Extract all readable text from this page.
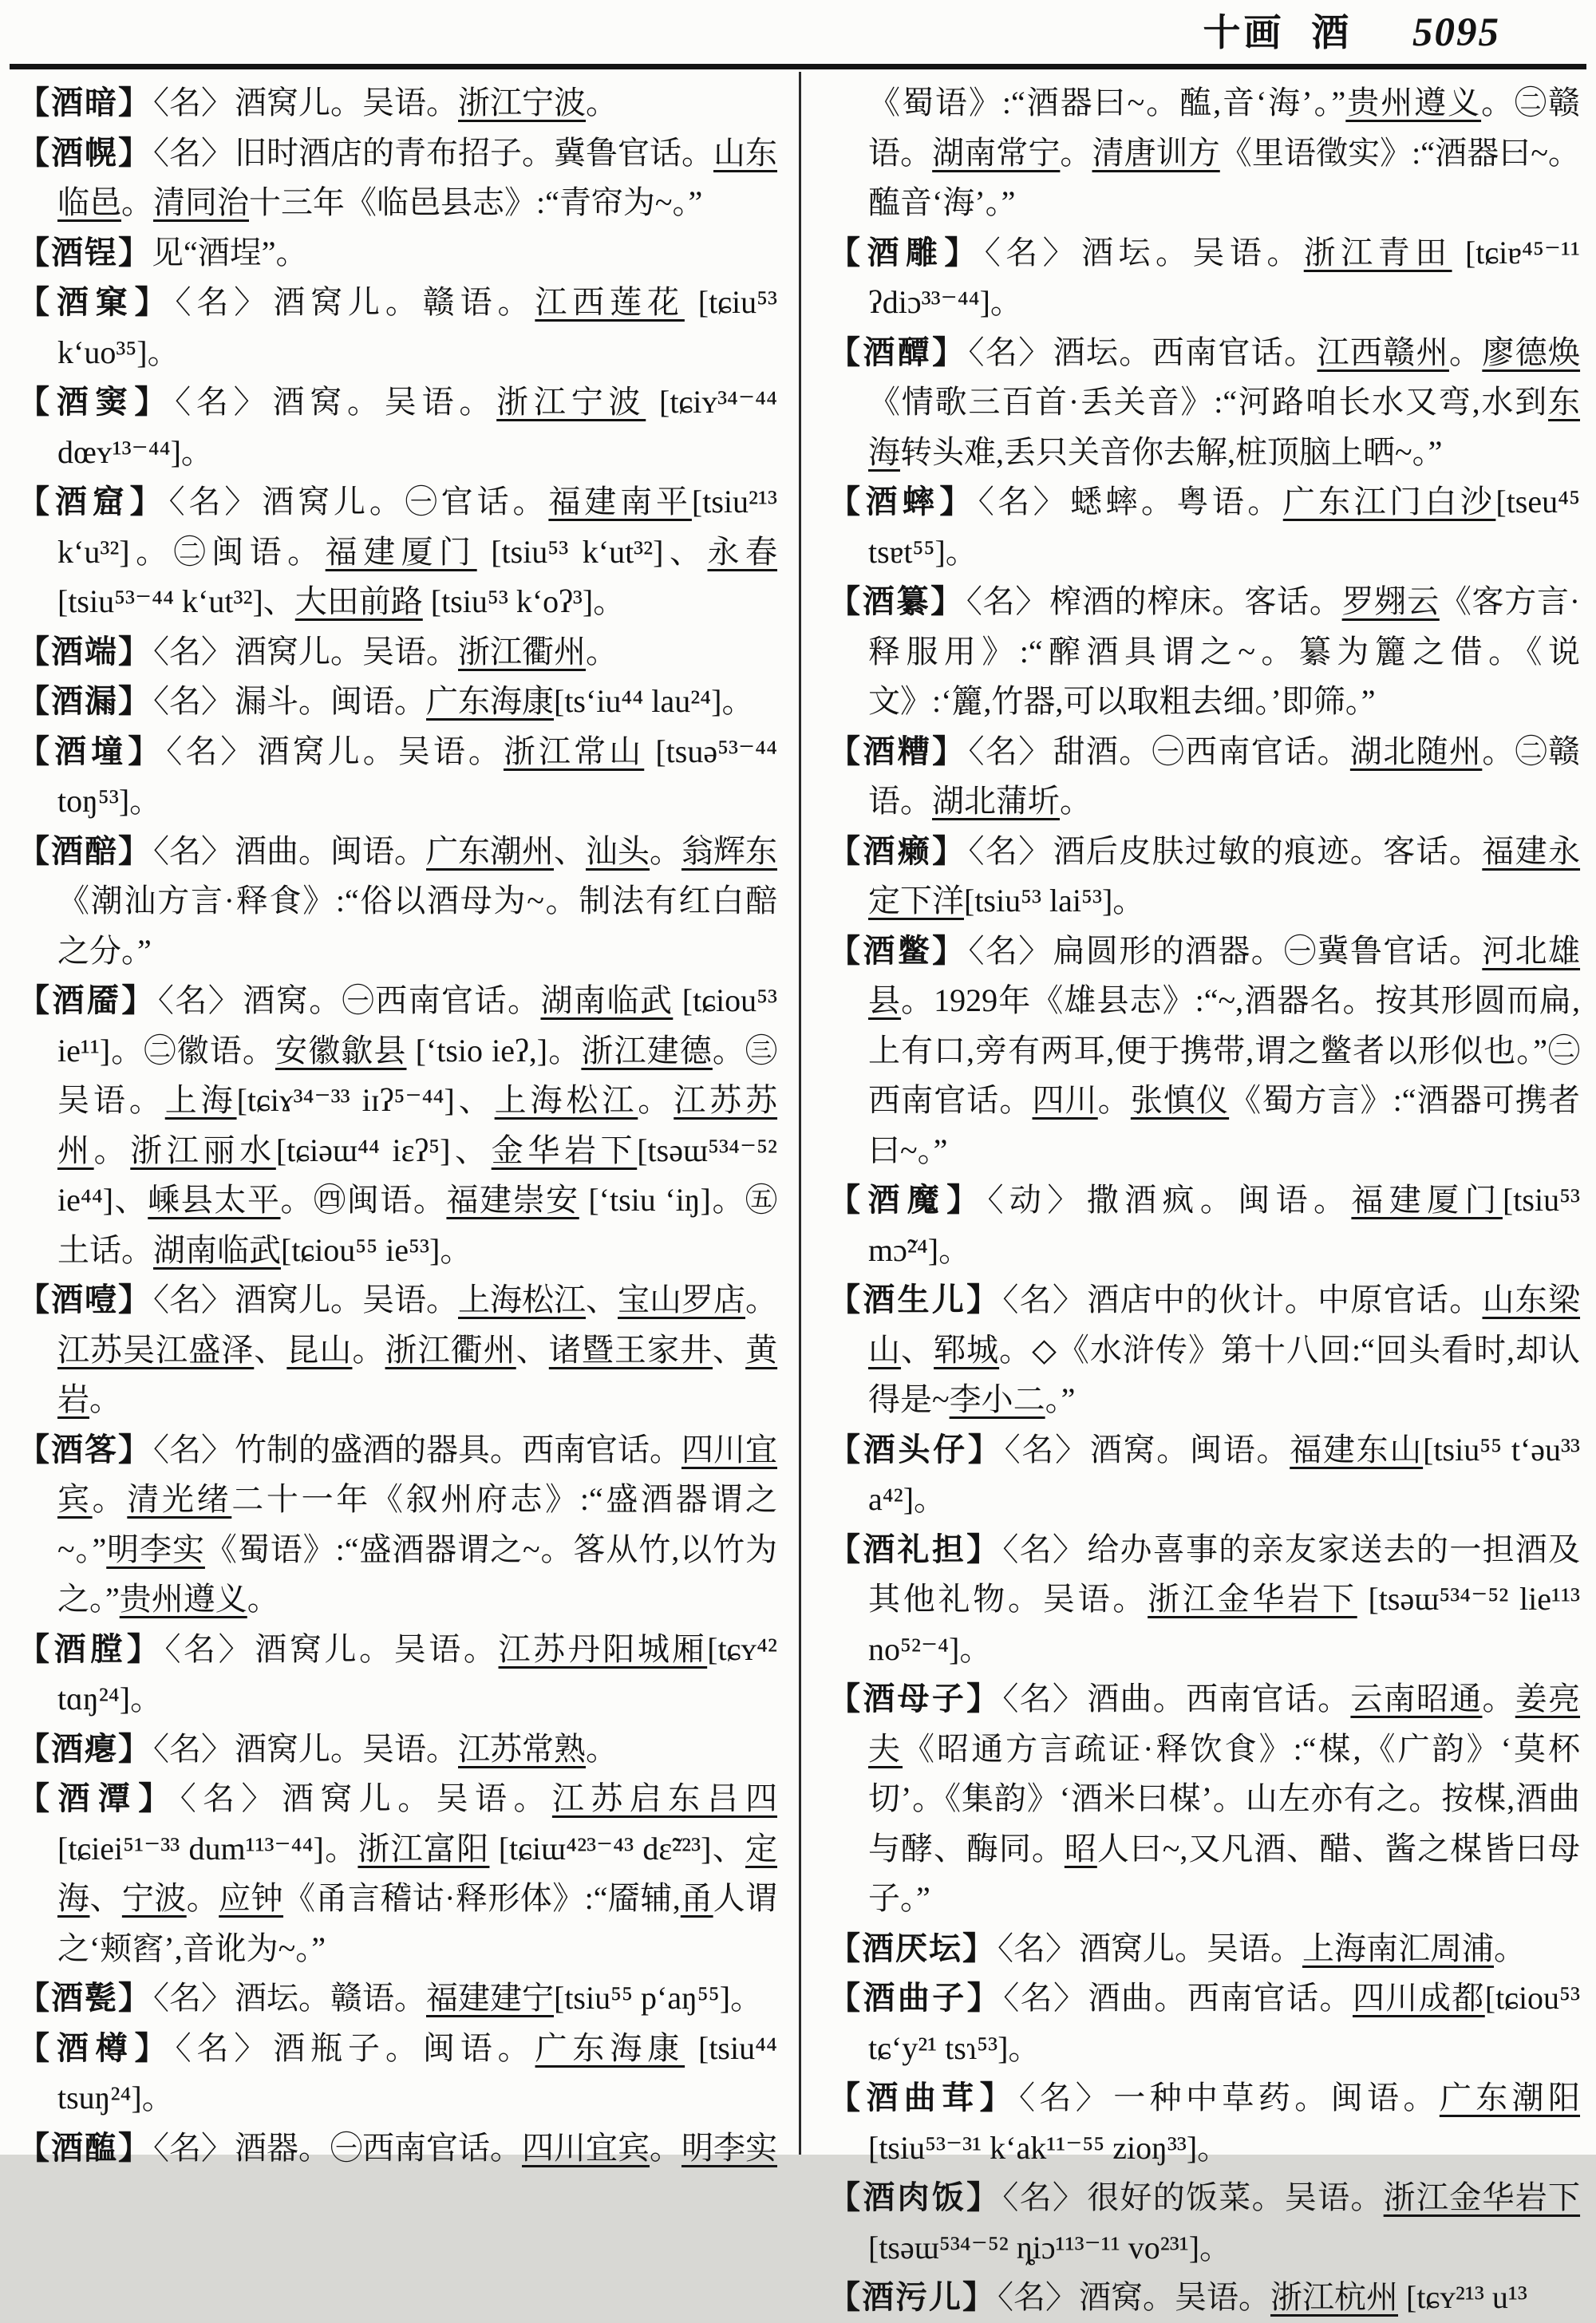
十画 酒 5095
【酒暗】〈名〉酒窝儿。吴语。浙江宁波。
【酒幌】〈名〉旧时酒店的青布招子。冀鲁官话。山东临邑。清同治十三年《临邑县志》:“青帘为~。”
【酒锃】见“酒埕”。
【酒窠】〈名〉酒窝儿。赣语。江西莲花 [tɕiu⁵³ k‘uo³⁵]。
【酒窦】〈名〉酒窝。吴语。浙江宁波 [tɕiʏ³⁴⁻⁴⁴ dœʏ¹³⁻⁴⁴]。
【酒窟】〈名〉酒窝儿。㊀官话。福建南平[tsiu²¹³ k‘u³²]。㊁闽语。福建厦门 [tsiu⁵³ k‘ut³²]、永春 [tsiu⁵³⁻⁴⁴ k‘ut³²]、大田前路 [tsiu⁵³ k‘oʔ³]。
【酒端】〈名〉酒窝儿。吴语。浙江衢州。
【酒漏】〈名〉漏斗。闽语。广东海康[ts‘iu⁴⁴ lau²⁴]。
【酒墥】〈名〉酒窝儿。吴语。浙江常山 [tsuə⁵³⁻⁴⁴ toŋ⁵³]。
【酒醅】〈名〉酒曲。闽语。广东潮州、汕头。翁辉东《潮汕方言·释食》:“俗以酒母为~。制法有红白醅之分。”
【酒靥】〈名〉酒窝。㊀西南官话。湖南临武 [tɕiou⁵³ ie¹¹]。㊁徽语。安徽歙县 [‘tsio ieʔ,]。浙江建德。㊂吴语。上海[tɕiɤ³⁴⁻³³ iɪʔ⁵⁻⁴⁴]、上海松江。江苏苏州。浙江丽水[tɕiəɯ⁴⁴ iɛʔ⁵]、金华岩下[tsəɯ⁵³⁴⁻⁵² ie⁴⁴]、嵊县太平。㊃闽语。福建崇安 [‘tsiu ‘iŋ]。㊄土话。湖南临武[tɕiou⁵⁵ ie⁵³]。
【酒噎】〈名〉酒窝儿。吴语。上海松江、宝山罗店。江苏吴江盛泽、昆山。浙江衢州、诸暨王家井、黄岩。
【酒笿】〈名〉竹制的盛酒的器具。西南官话。四川宜宾。清光绪二十一年《叙州府志》:“盛酒器谓之~。”明李实《蜀语》:“盛酒器谓之~。笿从竹,以竹为之。”贵州遵义。
【酒膛】〈名〉酒窝儿。吴语。江苏丹阳城厢[tɕʏ⁴² tɑŋ²⁴]。
【酒瘪】〈名〉酒窝儿。吴语。江苏常熟。
【酒潭】〈名〉酒窝儿。吴语。江苏启东吕四 [tɕiei⁵¹⁻³³ dum¹¹³⁻⁴⁴]。浙江富阳 [tɕiɯ⁴²³⁻⁴³ dɛ̃²²³]、定海、宁波。应钟《甬言稽诂·释形体》:“靥辅,甬人谓之‘颊窞’,音讹为~。”
【酒甏】〈名〉酒坛。赣语。福建建宁[tsiu⁵⁵ p‘aŋ⁵⁵]。
【酒樽】〈名〉酒瓶子。闽语。广东海康 [tsiu⁴⁴ tsuŋ²⁴]。
【酒醢】〈名〉酒器。㊀西南官话。四川宜宾。明李实
《蜀语》:“酒器曰~。醢,音‘海’。”贵州遵义。㊁赣语。湖南常宁。清唐训方《里语徵实》:“酒器曰~。醢音‘海’。”
【酒雕】〈名〉酒坛。吴语。浙江青田 [tɕiɐ⁴⁵⁻¹¹ ʔdiɔ³³⁻⁴⁴]。
【酒醰】〈名〉酒坛。西南官话。江西赣州。廖德焕《情歌三百首·丢关音》:“河路咱长水又弯,水到东海转头难,丢只关音你去解,桩顶脑上晒~。”
【酒蟀】〈名〉蟋蟀。粤语。广东江门白沙[tseu⁴⁵ tsɐt⁵⁵]。
【酒纂】〈名〉榨酒的榨床。客话。罗翙云《客方言·释服用》:“醡酒具谓之~。纂为籭之借。《说文》:‘籭,竹器,可以取粗去细。’即筛。”
【酒糟】〈名〉甜酒。㊀西南官话。湖北随州。㊁赣语。湖北蒲圻。
【酒癞】〈名〉酒后皮肤过敏的痕迹。客话。福建永定下洋[tsiu⁵³ lai⁵³]。
【酒鳖】〈名〉扁圆形的酒器。㊀冀鲁官话。河北雄县。1929年《雄县志》:“~,酒器名。按其形圆而扁,上有口,旁有两耳,便于携带,谓之鳖者以形似也。”㊁西南官话。四川。张慎仪《蜀方言》:“酒器可携者曰~。”
【酒魔】〈动〉撒酒疯。闽语。福建厦门[tsiu⁵³ mɔ̃²⁴]。
【酒生儿】〈名〉酒店中的伙计。中原官话。山东梁山、郓城。◇《水浒传》第十八回:“回头看时,却认得是~李小二。”
【酒头仔】〈名〉酒窝。闽语。福建东山[tsiu⁵⁵ t‘əu³³ a⁴²]。
【酒礼担】〈名〉给办喜事的亲友家送去的一担酒及其他礼物。吴语。浙江金华岩下 [tsəɯ⁵³⁴⁻⁵² lie¹¹³ no⁵²⁻⁴]。
【酒母子】〈名〉酒曲。西南官话。云南昭通。姜亮夫《昭通方言疏证·释饮食》:“楳,《广韵》‘莫杯切’。《集韵》‘酒米曰楳’。山左亦有之。按楳,酒曲与酵、酶同。昭人曰~,又凡酒、醋、酱之楳皆曰母子。”
【酒厌坛】〈名〉酒窝儿。吴语。上海南汇周浦。
【酒曲子】〈名〉酒曲。西南官话。四川成都[tɕiou⁵³ tɕ‘y²¹ tsɿ⁵³]。
【酒曲茸】〈名〉一种中草药。闽语。广东潮阳 [tsiu⁵³⁻³¹ k‘ak¹¹⁻⁵⁵ zioŋ³³]。
【酒肉饭】〈名〉很好的饭菜。吴语。浙江金华岩下 [tsəɯ⁵³⁴⁻⁵² ȵiɔ¹¹³⁻¹¹ vo²³¹]。
【酒污儿】〈名〉酒窝。吴语。浙江杭州 [tɕʏ²¹³ u¹³
